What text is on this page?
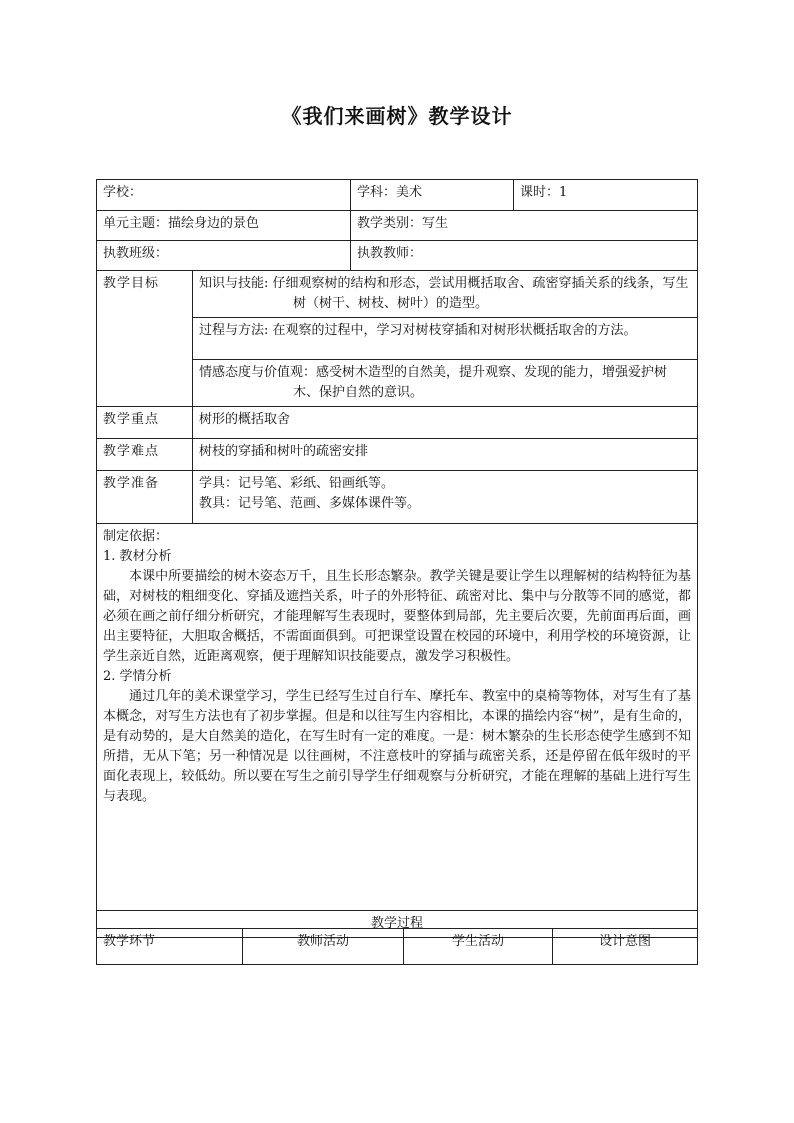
《我们来画树》教学设计
学校：	学科：美术	课时：1
单元主题：描绘身边的景色	教学类别：写生	
执教班级：	执教教师：	
教学目标	知识与技能: 仔细观察树的结构和形态，尝试用概括取舍、疏密穿插关系的线条，写生树（树干、树枝、树叶）的造型。

	过程与方法: 在观察的过程中，学习对树枝穿插和对树形状概括取舍的方法。

	情感态度与价值观：感受树木造型的自然美，提升观察、发现的能力，增强爱护树木、保护自然的意识。

教学重点	树形的概括取舍
教学难点	树枝的穿插和树叶的疏密安排
教学准备	学具：记号笔、彩纸、铅画纸等。
教具：记号笔、范画、多媒体课件等。

制定依据：

1. 教材分析

本课中所要描绘的树木姿态万千，且生长形态繁杂。教学关键是要让学生以理解树的结构特征为基础，对树枝的粗细变化、穿插及遮挡关系，叶子的外形特征、疏密对比、集中与分散等不同的感觉，都必须在画之前仔细分析研究，才能理解写生表现时，要整体到局部，先主要后次要，先前面再后面，画出主要特征，大胆取舍概括，不需面面俱到。可把课堂设置在校园的环境中，利用学校的环境资源，让学生亲近自然，近距离观察，便于理解知识技能要点，激发学习积极性。

2. 学情分析

通过几年的美术课堂学习，学生已经写生过自行车、摩托车、教室中的桌椅等物体，对写生有了基本概念，对写生方法也有了初步掌握。但是和以往写生内容相比，本课的描绘内容“树”，是有生命的，是有动势的，是大自然美的造化，在写生时有一定的难度。一是：树木繁杂的生长形态使学生感到不知所措，无从下笔；另一种情况是 以往画树，不注意枝叶的穿插与疏密关系，还是停留在低年级时的平面化表现上，较低幼。所以要在写生之前引导学生仔细观察与分析研究，才能在理解的基础上进行写生与表现。	

教学过程	
教学环节	教师活动	学生活动	设计意图
